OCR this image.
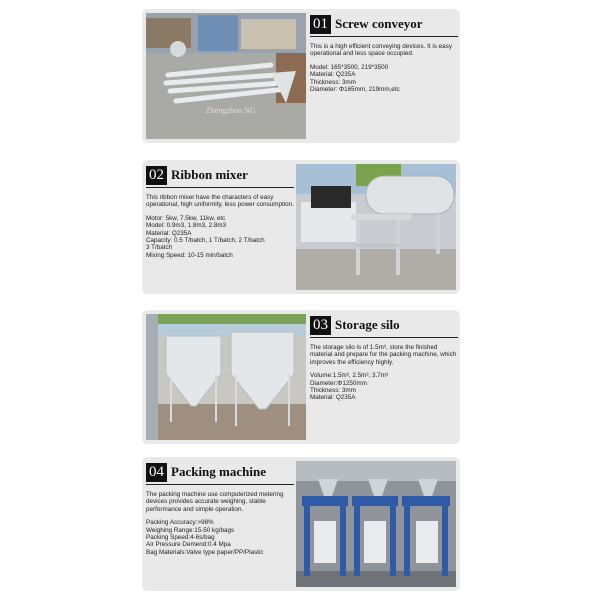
Zhengzhou NG
01 Screw conveyor
This is a high efficient conveying devices. It is easy operational and less space occupied.
Model: 165*3500, 219*3500
Material: Q235A
Thickness: 3mm
Diameter: Φ165mm, 219mm,etc
02 Ribbon mixer
This ribbon mixer have the characters of easy operational, high uniformity, less power consumption.
Motor: 5kw, 7.5kw, 11kw, etc
Model: 0.9m3, 1.8m3, 2.8m3
Material: Q235A
Capacity: 0.5 T/batch, 1 T/batch, 2 T/batch
3 T/batch
Mixing Speed: 10-15 min/batch
03 Storage silo
The storage silo is of 1.5m³, store the finished material and prepare for the packing machine, which improves the efficiency highly.
Volume:1.5m³, 2.5m³, 3.7m³
Diameter:Φ1250mm
Thickness: 3mm
Material: Q235A
04 Packing machine
The packing machine use computerized metering devices provides accurate weighing, stable performance and simple operation.
Packing Accuracy:>98%
Weighing Range:15-50 kg/bags
Packing Speed:4-6s/bag
Air Pressure Demend:0.4 Mpa
Bag Materials:Valve type paper/PP/Plastic
